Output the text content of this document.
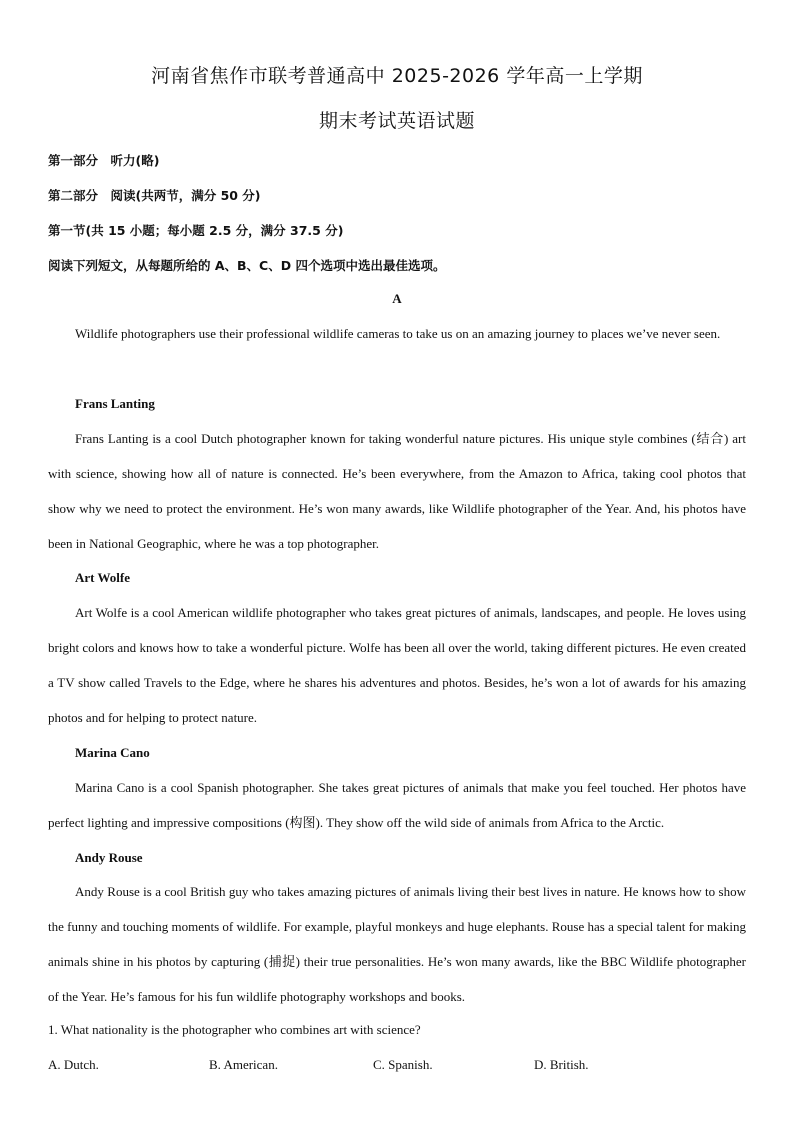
河南省焦作市联考普通高中 2025-2026 学年高一上学期
期末考试英语试题
第一部分　听力(略)
第二部分　阅读(共两节，满分 50 分)
第一节(共 15 小题；每小题 2.5 分，满分 37.5 分)
阅读下列短文，从每题所给的 A、B、C、D 四个选项中选出最佳选项。
A
Wildlife photographers use their professional wildlife cameras to take us on an amazing journey to places we’ve never seen.
Frans Lanting
Frans Lanting is a cool Dutch photographer known for taking wonderful nature pictures. His unique style combines (结合) art with science, showing how all of nature is connected. He’s been everywhere, from the Amazon to Africa, taking cool photos that show why we need to protect the environment. He’s won many awards, like Wildlife photographer of the Year. And, his photos have been in National Geographic, where he was a top photographer.
Art Wolfe
Art Wolfe is a cool American wildlife photographer who takes great pictures of animals, landscapes, and people. He loves using bright colors and knows how to take a wonderful picture. Wolfe has been all over the world, taking different pictures. He even created a TV show called Travels to the Edge, where he shares his adventures and photos. Besides, he’s won a lot of awards for his amazing photos and for helping to protect nature.
Marina Cano
Marina Cano is a cool Spanish photographer. She takes great pictures of animals that make you feel touched. Her photos have perfect lighting and impressive compositions (构图). They show off the wild side of animals from Africa to the Arctic.
Andy Rouse
Andy Rouse is a cool British guy who takes amazing pictures of animals living their best lives in nature. He knows how to show the funny and touching moments of wildlife. For example, playful monkeys and huge elephants. Rouse has a special talent for making animals shine in his photos by capturing (捕捉) their true personalities. He’s won many awards, like the BBC Wildlife photographer of the Year. He’s famous for his fun wildlife photography workshops and books.
1. What nationality is the photographer who combines art with science?
A. Dutch.	B. American.	C. Spanish.	D. British.
